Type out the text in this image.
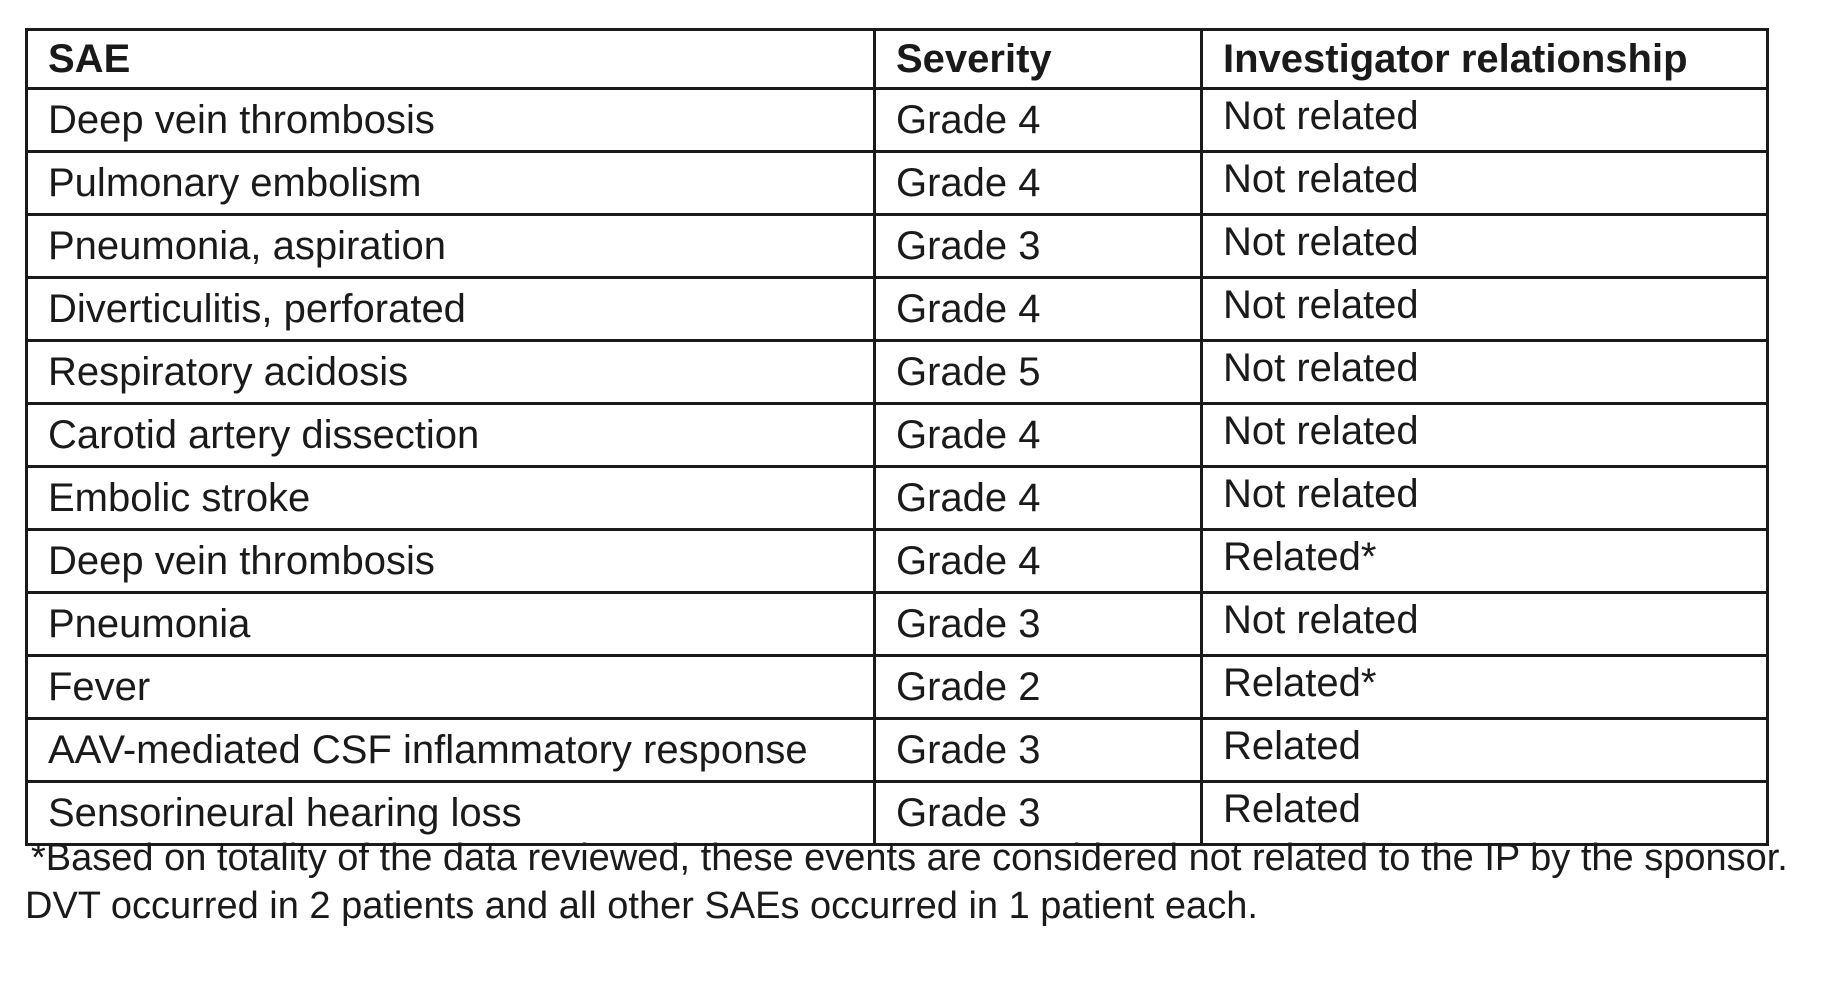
SAE	Severity	Investigator relationship
Deep vein thrombosis	Grade 4	Not related
Pulmonary embolism	Grade 4	Not related
Pneumonia, aspiration	Grade 3	Not related
Diverticulitis, perforated	Grade 4	Not related
Respiratory acidosis	Grade 5	Not related
Carotid artery dissection	Grade 4	Not related
Embolic stroke	Grade 4	Not related
Deep vein thrombosis	Grade 4	Related*
Pneumonia	Grade 3	Not related
Fever	Grade 2	Related*
AAV-mediated CSF inflammatory response	Grade 3	Related
Sensorineural hearing loss	Grade 3	Related

*Based on totality of the data reviewed, these events are considered not related to the IP by the sponsor.

DVT occurred in 2 patients and all other SAEs occurred in 1 patient each.
